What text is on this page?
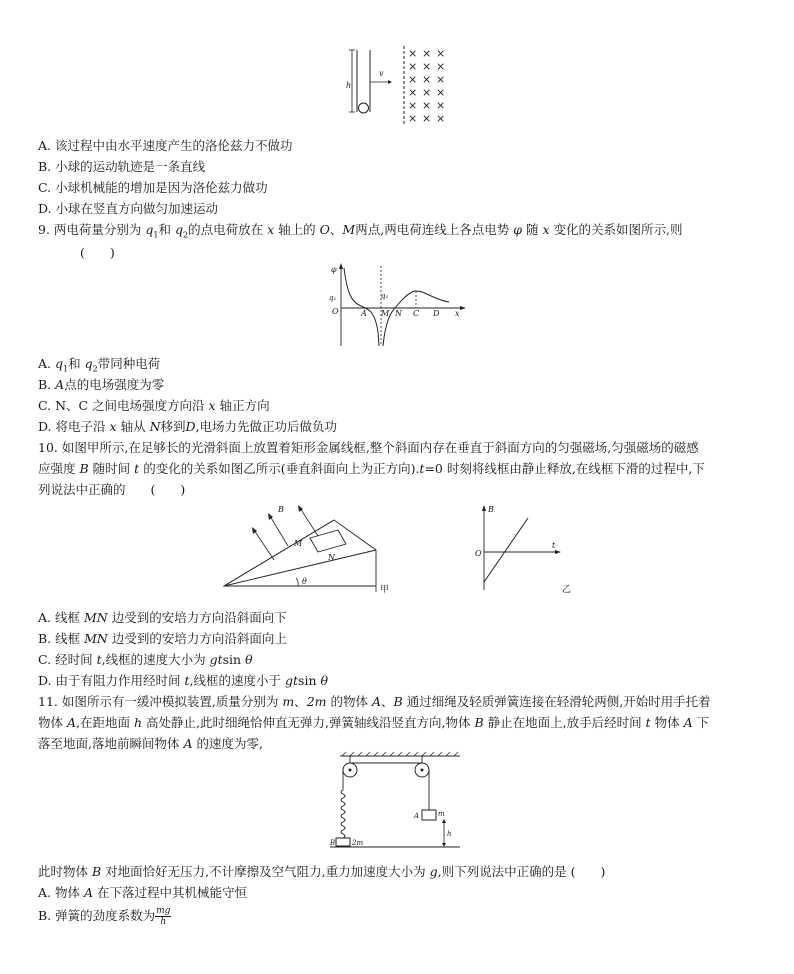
h
v
× × ×
× × ×
× × ×
× × ×
× × ×
× × ×
A. 该过程中由水平速度产生的洛伦兹力不做功
B. 小球的运动轨迹是一条直线
C. 小球机械能的增加是因为洛伦兹力做功
D. 小球在竖直方向做匀加速运动
9. 两电荷量分别为 $q_1$和 $q_2$的点电荷放在 x 轴上的 O、M两点,两电荷连线上各点电势 φ 随 x 变化的关系如图所示,则
(　　)
φ
q₁
O
q₂
A M N C D x
A. $q_1$和 $q_2$带同种电荷
B. A点的电场强度为零
C. N、C 之间电场强度方向沿 x 轴正方向
D. 将电子沿 x 轴从 N移到D,电场力先做正功后做负功
10. 如图甲所示,在足够长的光滑斜面上放置着矩形金属线框,整个斜面内存在垂直于斜面方向的匀强磁场,匀强磁场的磁感
应强度 B 随时间 t 的变化的关系如图乙所示(垂直斜面向上为正方向).t=0 时刻将线框由静止释放,在线框下滑的过程中,下
列说法中正确的　　(　　)
θ
M
N
B
甲
B
O
t
乙
A. 线框 MN 边受到的安培力方向沿斜面向下
B. 线框 MN 边受到的安培力方向沿斜面向上
C. 经时间 t,线框的速度大小为 gtsin θ
D. 由于有阻力作用经时间 t,线框的速度小于 gtsin θ
11. 如图所示有一缓冲模拟装置,质量分别为 m、2m 的物体 A、B 通过细绳及轻质弹簧连接在轻滑轮两侧,开始时用手托着
物体 A,在距地面 h 高处静止,此时细绳恰伸直无弹力,弹簧轴线沿竖直方向,物体 B 静止在地面上,放手后经时间 t 物体 A 下
落至地面,落地前瞬间物体 A 的速度为零,
B 2m
A	m
h
此时物体 B 对地面恰好无压力,不计摩擦及空气阻力,重力加速度大小为 g,则下列说法中正确的是 (　　)
A. 物体 A 在下落过程中其机械能守恒
B. 弹簧的劲度系数为 $\frac{mg}{h}$
